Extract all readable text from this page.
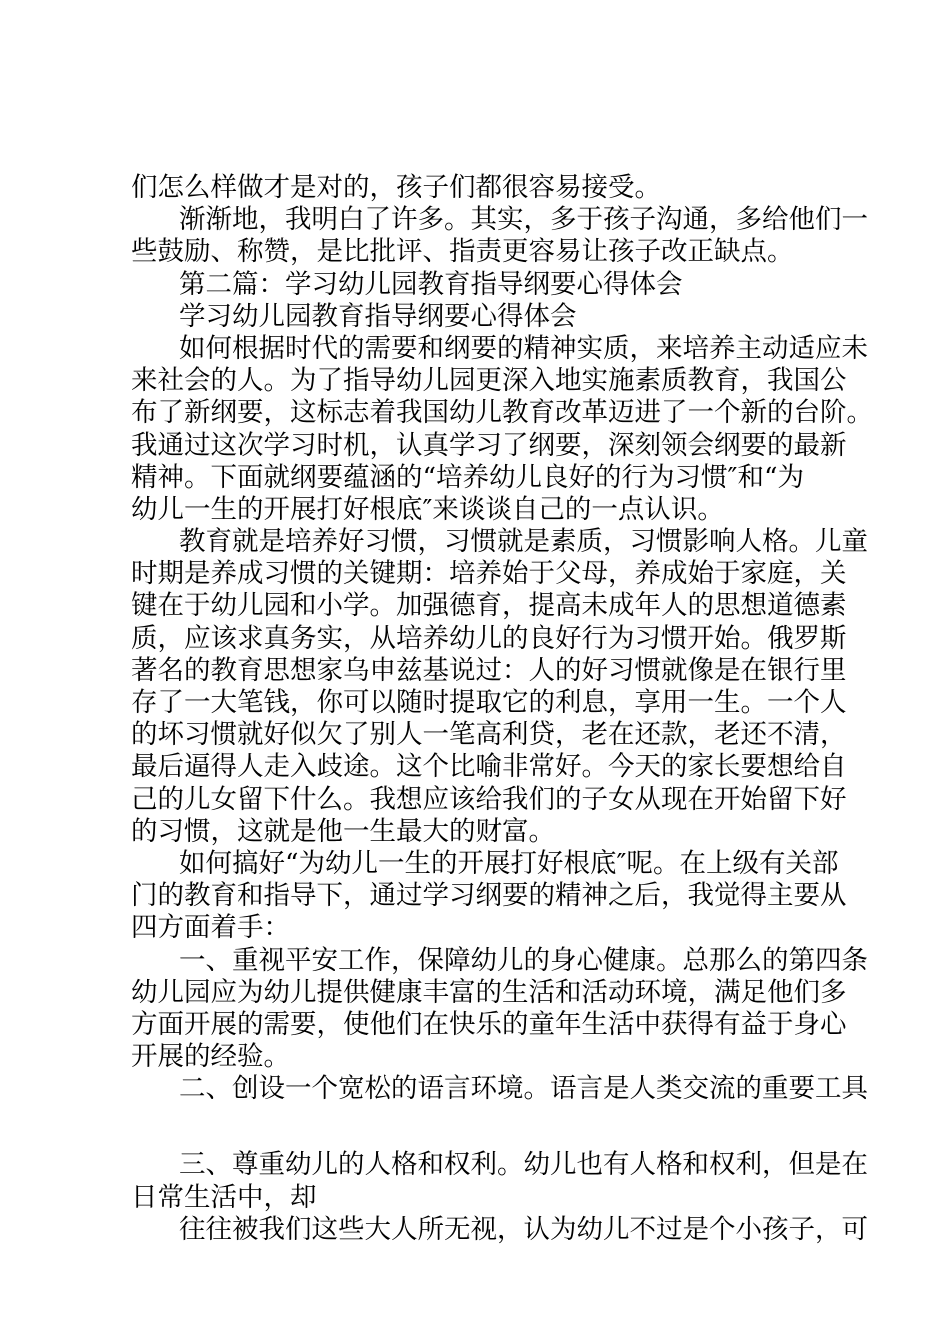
们怎么样做才是对的，孩子们都很容易接受。
渐渐地，我明白了许多。其实，多于孩子沟通，多给他们一
些鼓励、称赞，是比批评、指责更容易让孩子改正缺点。
第二篇：学习幼儿园教育指导纲要心得体会
学习幼儿园教育指导纲要心得体会
如何根据时代的需要和纲要的精神实质，来培养主动适应未
来社会的人。为了指导幼儿园更深入地实施素质教育，我国公
布了新纲要，这标志着我国幼儿教育改革迈进了一个新的台阶。
我通过这次学习时机，认真学习了纲要，深刻领会纲要的最新
精神。下面就纲要蕴涵的“培养幼儿良好的行为习惯″和“为
幼儿一生的开展打好根底″来谈谈自己的一点认识。
教育就是培养好习惯，习惯就是素质，习惯影响人格。儿童
时期是养成习惯的关键期：培养始于父母，养成始于家庭，关
键在于幼儿园和小学。加强德育，提高未成年人的思想道德素
质，应该求真务实，从培养幼儿的良好行为习惯开始。俄罗斯
著名的教育思想家乌申兹基说过：人的好习惯就像是在银行里
存了一大笔钱，你可以随时提取它的利息，享用一生。一个人
的坏习惯就好似欠了别人一笔高利贷，老在还款，老还不清，
最后逼得人走入歧途。这个比喻非常好。今天的家长要想给自
己的儿女留下什么。我想应该给我们的子女从现在开始留下好
的习惯，这就是他一生最大的财富。
如何搞好“为幼儿一生的开展打好根底″呢。在上级有关部
门的教育和指导下，通过学习纲要的精神之后，我觉得主要从
四方面着手：
一、重视平安工作，保障幼儿的身心健康。总那么的第四条
幼儿园应为幼儿提供健康丰富的生活和活动环境，满足他们多
方面开展的需要，使他们在快乐的童年生活中获得有益于身心
开展的经验。
二、创设一个宽松的语言环境。语言是人类交流的重要工具
三、尊重幼儿的人格和权利。幼儿也有人格和权利，但是在
日常生活中，却
往往被我们这些大人所无视，认为幼儿不过是个小孩子，可
